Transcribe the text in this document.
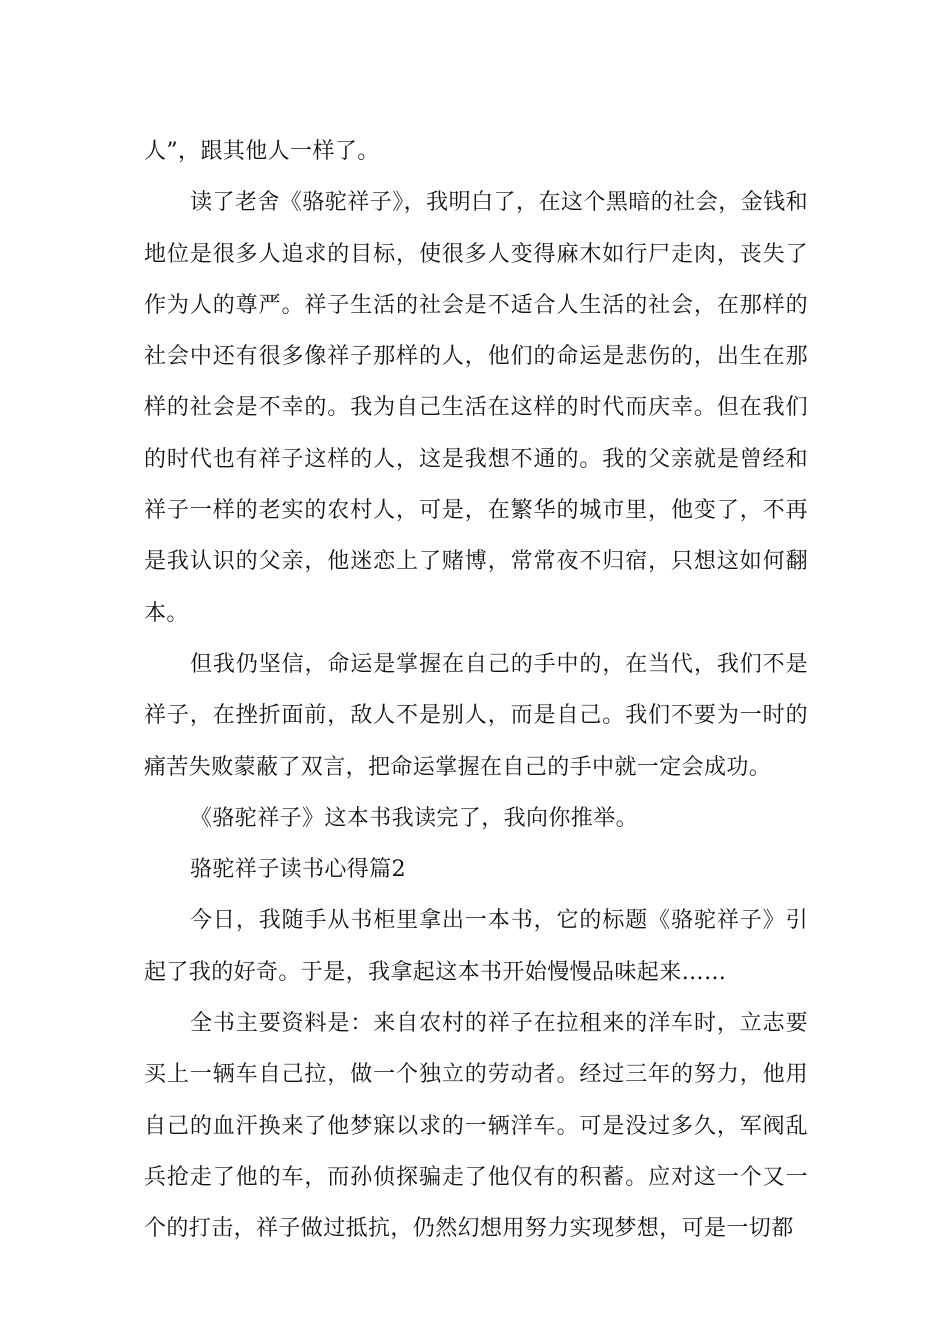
人”，跟其他人一样了。

读了老舍《骆驼祥子》，我明白了，在这个黑暗的社会，金钱和地位是很多人追求的目标，使很多人变得麻木如行尸走肉，丧失了作为人的尊严。祥子生活的社会是不适合人生活的社会，在那样的社会中还有很多像祥子那样的人，他们的命运是悲伤的，出生在那样的社会是不幸的。我为自己生活在这样的时代而庆幸。但在我们的时代也有祥子这样的人，这是我想不通的。我的父亲就是曾经和祥子一样的老实的农村人，可是，在繁华的城市里，他变了，不再是我认识的父亲，他迷恋上了赌博，常常夜不归宿，只想这如何翻本。

但我仍坚信，命运是掌握在自己的手中的，在当代，我们不是祥子，在挫折面前，敌人不是别人，而是自己。我们不要为一时的痛苦失败蒙蔽了双言，把命运掌握在自己的手中就一定会成功。

《骆驼祥子》这本书我读完了，我向你推举。

骆驼祥子读书心得篇2

今日，我随手从书柜里拿出一本书，它的标题《骆驼祥子》引起了我的好奇。于是，我拿起这本书开始慢慢品味起来……

全书主要资料是：来自农村的祥子在拉租来的洋车时，立志要买上一辆车自己拉，做一个独立的劳动者。经过三年的努力，他用自己的血汗换来了他梦寐以求的一辆洋车。可是没过多久，军阀乱兵抢走了他的车，而孙侦探骗走了他仅有的积蓄。应对这一个又一个的打击，祥子做过抵抗，仍然幻想用努力实现梦想，可是一切都
